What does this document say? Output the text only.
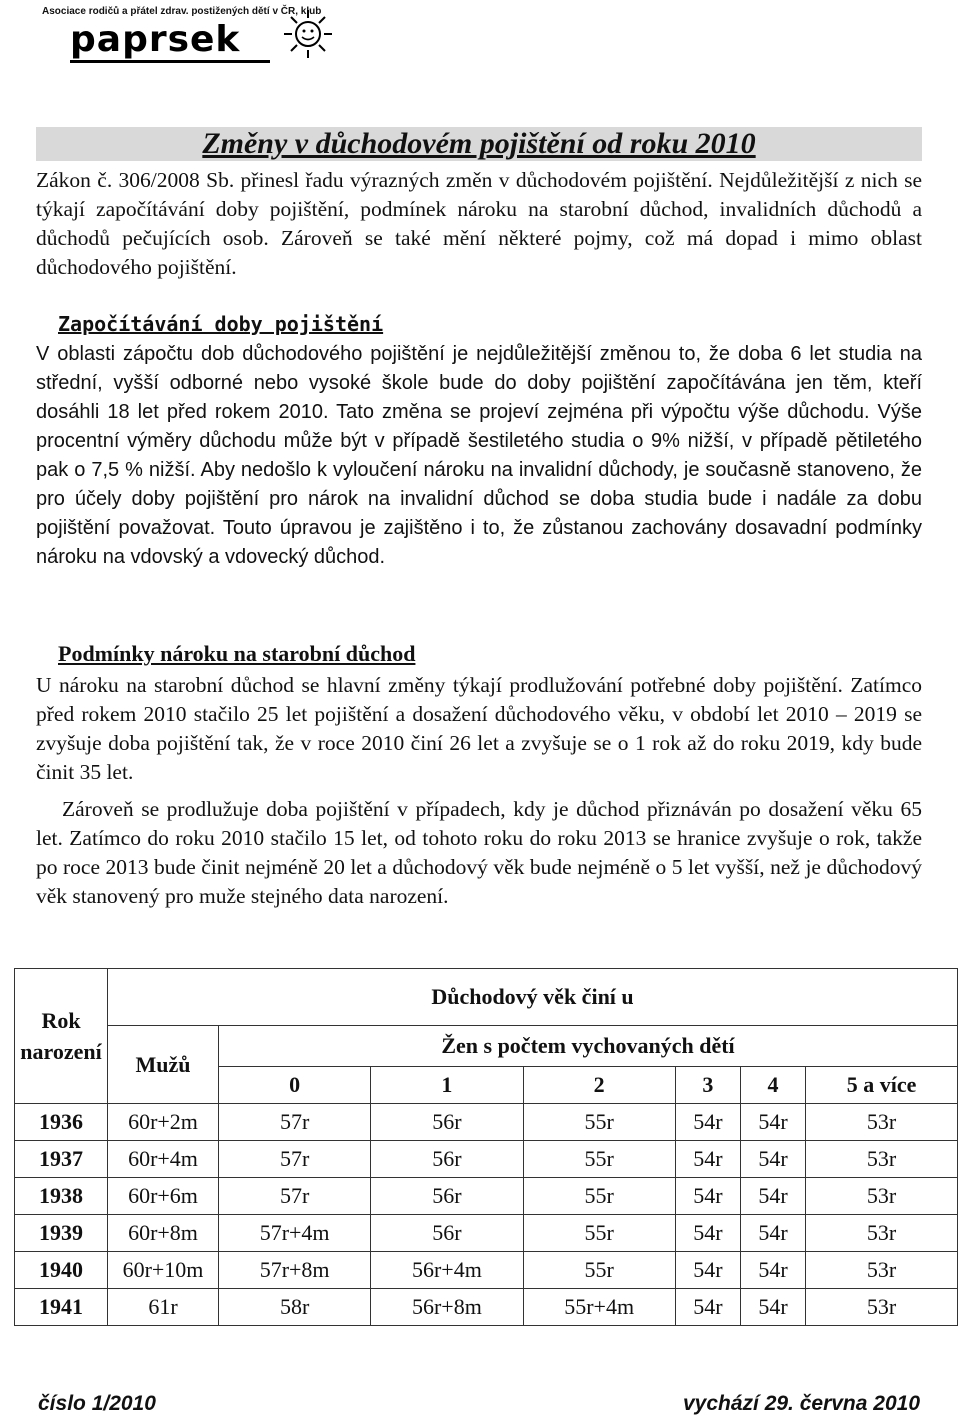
Asociace rodičů a přátel zdrav. postižených dětí v ČR, klub
paprsek
Změny v důchodovém pojištění od roku 2010

Zákon č. 306/2008 Sb. přinesl řadu výrazných změn v důchodovém pojištění. Nejdůležitější z nich se týkají započítávání doby pojištění, podmínek nároku na starobní důchod, invalidních důchodů a důchodů pečujících osob. Zároveň se také mění některé pojmy, což má dopad i mimo oblast důchodového pojištění.

Započítávání doby pojištění

V oblasti zápočtu dob důchodového pojištění je nejdůležitější změnou to, že doba 6 let studia na střední, vyšší odborné nebo vysoké škole bude do doby pojištění započítávána jen těm, kteří dosáhli 18 let před rokem 2010. Tato změna se projeví zejména při výpočtu výše důchodu. Výše procentní výměry důchodu může být v případě šestiletého studia o 9% nižší, v případě pětiletého pak o 7,5 % nižší. Aby nedošlo k vyloučení nároku na invalidní důchody, je současně stanoveno, že pro účely doby pojištění pro nárok na invalidní důchod se doba studia bude i nadále za dobu pojištění považovat. Touto úpravou je zajištěno i to, že zůstanou zachovány dosavadní podmínky nároku na vdovský a vdovecký důchod.

Podmínky nároku na starobní důchod

U nároku na starobní důchod se hlavní změny týkají prodlužování potřebné doby pojištění. Zatímco před rokem 2010 stačilo 25 let pojištění a dosažení důchodového věku, v období let 2010 – 2019 se zvyšuje doba pojištění tak, že v roce 2010 činí 26 let a zvyšuje se o 1 rok až do roku 2019, kdy bude činit 35 let.

Zároveň se prodlužuje doba pojištění v případech, kdy je důchod přiznáván po dosažení věku 65 let. Zatímco do roku 2010 stačilo 15 let, od tohoto roku do roku 2013 se hranice zvyšuje o rok, takže po roce 2013 bude činit nejméně 20 let a důchodový věk bude nejméně o 5 let vyšší, než je důchodový věk stanovený pro muže stejného data narození.

Rok narození	Důchodový věk činí u						
	Mužů	Žen s počtem vychovaných dětí					
		0	1	2	3	4	5 a více
1936	60r+2m	57r	56r	55r	54r	54r	53r
1937	60r+4m	57r	56r	55r	54r	54r	53r
1938	60r+6m	57r	56r	55r	54r	54r	53r
1939	60r+8m	57r+4m	56r	55r	54r	54r	53r
1940	60r+10m	57r+8m	56r+4m	55r	54r	54r	53r
1941	61r	58r	56r+8m	55r+4m	54r	54r	53r
číslo 1/2010	vychází 29. června 2010
